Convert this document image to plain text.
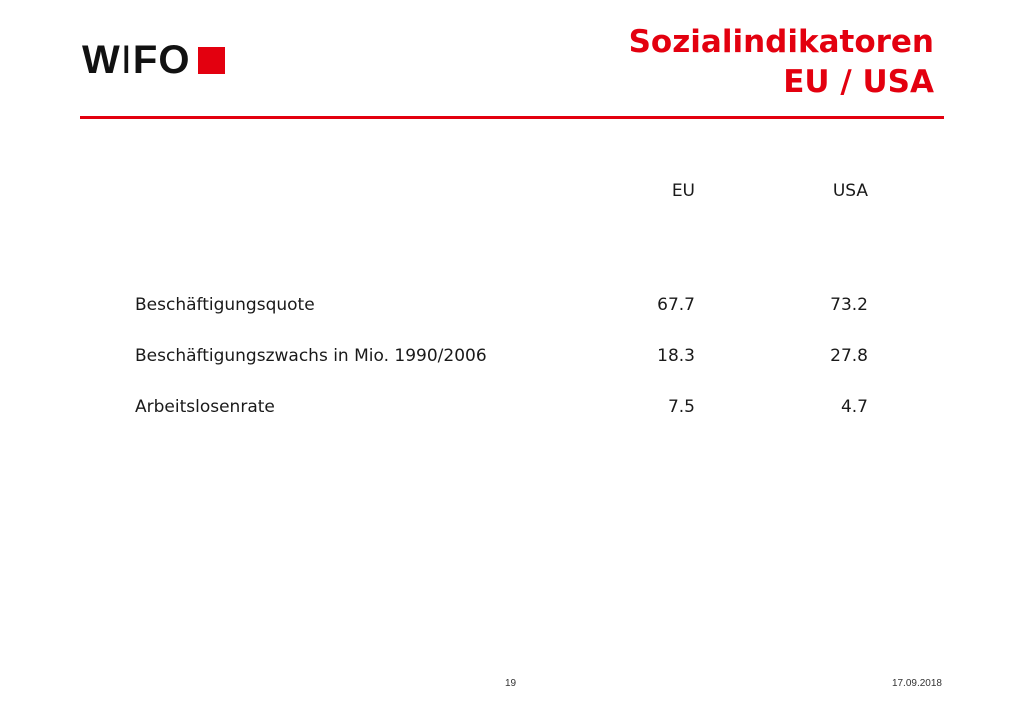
WIFO	Sozialindikatoren
EU / USA
EU	USA
Beschäftigungsquote	67.7	73.2
Beschäftigungszwachs in Mio. 1990/2006	18.3	27.8
Arbeitslosenrate	7.5	4.7
19	17.09.2018
